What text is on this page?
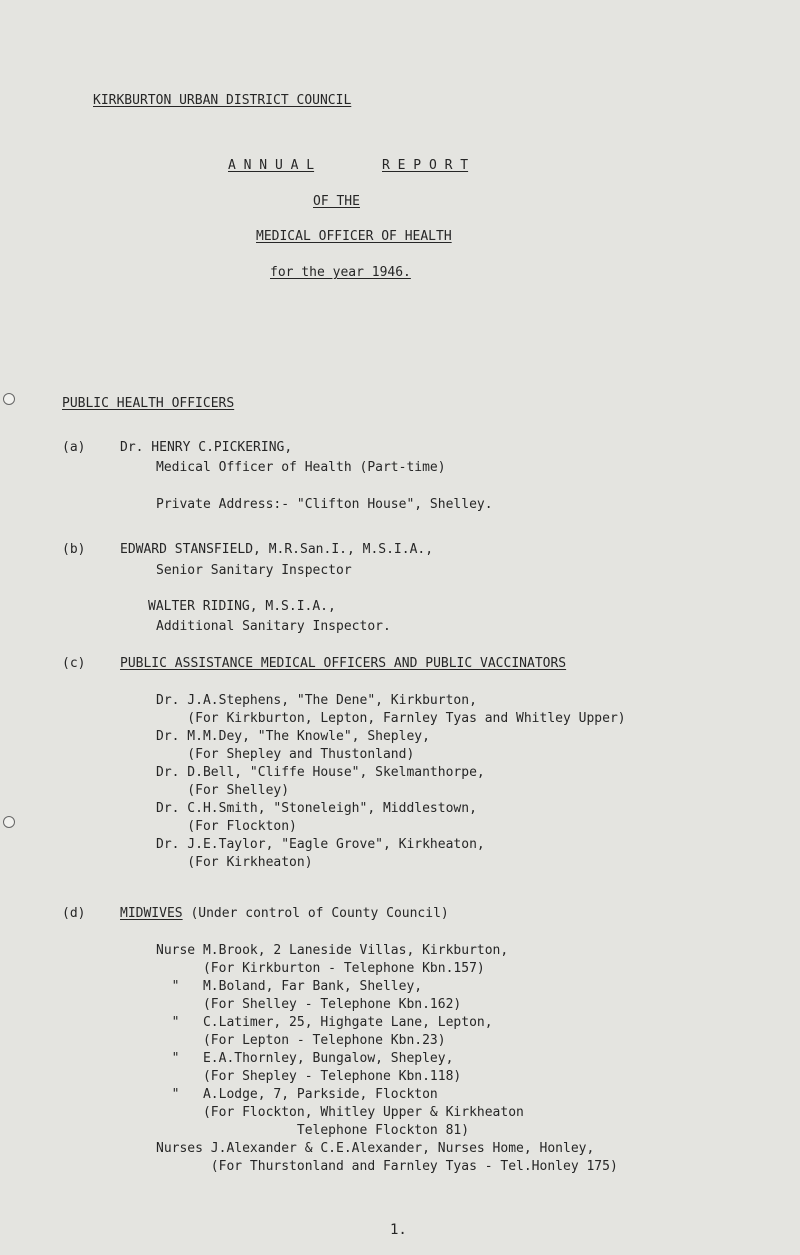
KIRKBURTON URBAN DISTRICT COUNCIL
A N N U A L	R E P O R T
OF THE
MEDICAL OFFICER OF HEALTH
for the year 1946.
PUBLIC HEALTH OFFICERS
(a)	Dr. HENRY C.PICKERING,
Medical Officer of Health (Part-time)
Private Address:- "Clifton House", Shelley.
(b)	EDWARD STANSFIELD, M.R.San.I., M.S.I.A.,
Senior Sanitary Inspector
WALTER RIDING, M.S.I.A.,
Additional Sanitary Inspector.
(c)	PUBLIC ASSISTANCE MEDICAL OFFICERS AND PUBLIC VACCINATORS
Dr. J.A.Stephens, "The Dene", Kirkburton,
(For Kirkburton, Lepton, Farnley Tyas and Whitley Upper)
Dr. M.M.Dey, "The Knowle", Shepley,
(For Shepley and Thustonland)
Dr. D.Bell, "Cliffe House", Skelmanthorpe,
(For Shelley)
Dr. C.H.Smith, "Stoneleigh", Middlestown,
(For Flockton)
Dr. J.E.Taylor, "Eagle Grove", Kirkheaton,
(For Kirkheaton)
(d)	MIDWIVES (Under control of County Council)
Nurse M.Brook, 2 Laneside Villas, Kirkburton,
(For Kirkburton - Telephone Kbn.157)
"   M.Boland, Far Bank, Shelley,
(For Shelley - Telephone Kbn.162)
"   C.Latimer, 25, Highgate Lane, Lepton,
(For Lepton - Telephone Kbn.23)
"   E.A.Thornley, Bungalow, Shepley,
(For Shepley - Telephone Kbn.118)
"   A.Lodge, 7, Parkside, Flockton
(For Flockton, Whitley Upper & Kirkheaton
Telephone Flockton 81)
Nurses J.Alexander & C.E.Alexander, Nurses Home, Honley,
(For Thurstonland and Farnley Tyas - Tel.Honley 175)
1.
